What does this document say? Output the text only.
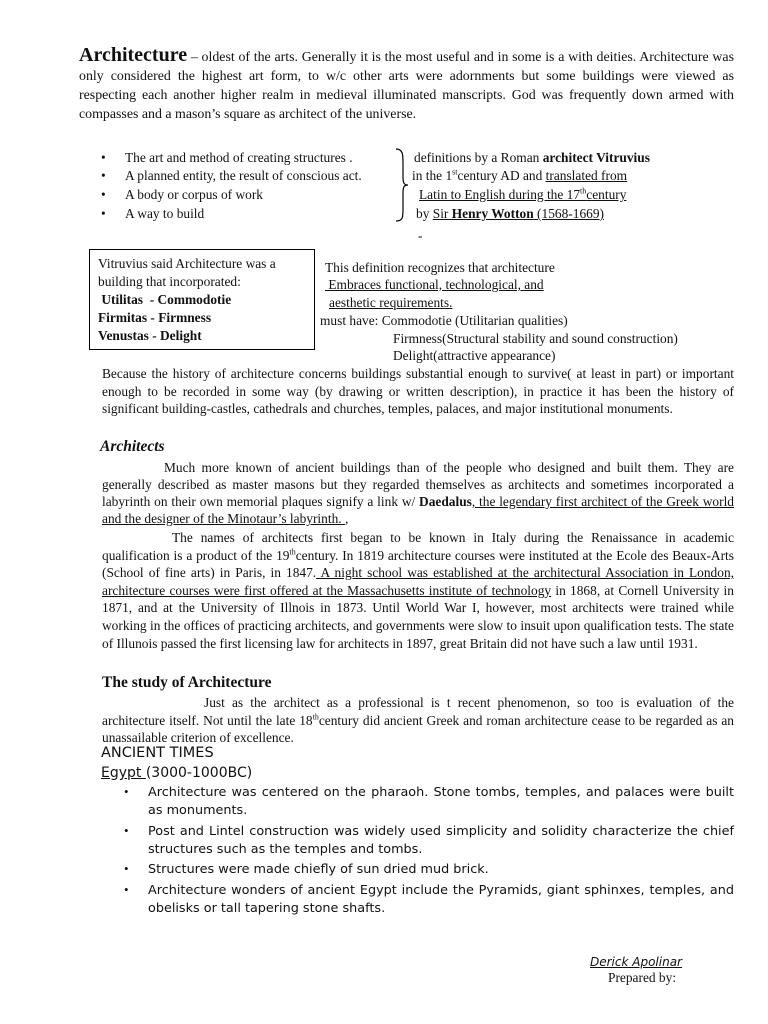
Architecture – oldest of the arts. Generally it is the most useful and in some is a with deities. Architecture was only considered the highest art form, to w/c other arts were adornments but some buildings were viewed as respecting each another higher realm in medieval illuminated manscripts. God was frequently down armed with compasses and a mason’s square as architect of the universe.

• The art and method of creating structures .
• A planned entity, the result of conscious act.
• A body or corpus of work
• A way to build
definitions by a Roman architect Vitruvius
in the 1stcentury AD and translated from
Latin to English during the 17thcentury
by Sir Henry Wotton (1568-1669)
-
Vitruvius said Architecture was a
building that incorporated:
Utilitas  - Commodotie
Firmitas - Firmness
Venustas - Delight
This definition recognizes that architecture
Embraces functional, technological, and
aesthetic requirements.
must have: Commodotie (Utilitarian qualities)
Firmness(Structural stability and sound construction)
Delight(attractive appearance)

Because the history of architecture concerns buildings substantial enough to survive( at least in part) or important enough to be recorded in some way (by drawing or written description), in practice it has been the history of significant building-castles, cathedrals and churches, temples, palaces, and major institutional monuments.

Architects

Much more known of ancient buildings than of the people who designed and built them. They are generally described as master masons but they regarded themselves as architects and sometimes incorporated a labyrinth on their own memorial plaques signify a link w/ Daedalus, the legendary first architect of the Greek world and the designer of the Minotaur’s labyrinth. ,

The names of architects first began to be known in Italy during the Renaissance in academic qualification is a product of the 19thcentury. In 1819 architecture courses were instituted at the Ecole des Beaux-Arts (School of fine arts) in Paris, in 1847. A night school was established at the architectural Association in London, architecture courses were first offered at the Massachusetts institute of technology in 1868, at Cornell University in 1871, and at the University of Illnois in 1873. Until World War I, however, most architects were trained while working in the offices of practicing architects, and governments were slow to insuit upon qualification tests. The state of Illunois passed the first licensing law for architects in 1897, great Britain did not have such a law until 1931.

The study of Architecture

Just as the architect as a professional is t recent phenomenon, so too is evaluation of the architecture itself. Not until the late 18thcentury did ancient Greek and roman architecture cease to be regarded as an unassailable criterion of excellence.

ANCIENT TIMES
Egypt (3000-1000BC)
• Architecture was centered on the pharaoh. Stone tombs, temples, and palaces were built as monuments.

• Post and Lintel construction was widely used simplicity and solidity characterize the chief structures such as the temples and tombs.

• Structures were made chiefly of sun dried mud brick.

• Architecture wonders of ancient Egypt include the Pyramids, giant sphinxes, temples, and obelisks or tall tapering stone shafts.

Derick Apolinar
Prepared by:
